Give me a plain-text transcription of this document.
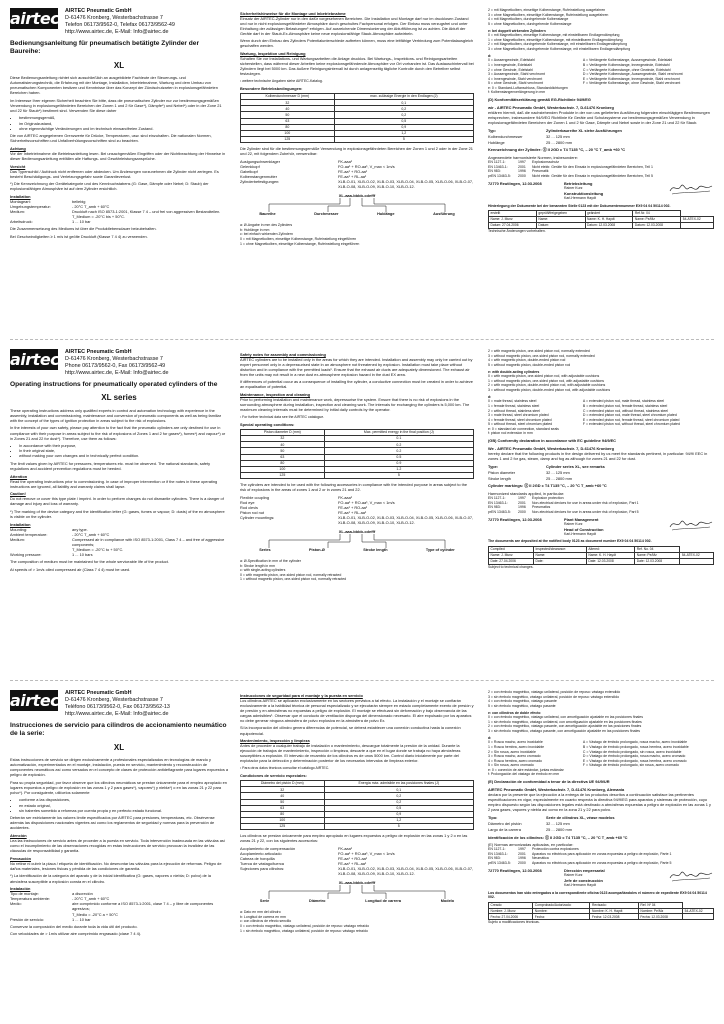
airtec AIRTEC Pneumatic GmbH
D-61476 Kronberg, Westerbachstrasse 7
Telefon 06173/9562-0, Telefax 06173/9562-49
http://www.airtec.de, E-Mail: Info@airtec.de
Bedienungsanleitung für pneumatisch betätigte Zylinder der Baureihe:
XL

Diese Bedienungsanleitung richtet sich ausschließlich an ausgebildete Fachleute der Steuerungs- und Automatisierungstechnik, die Erfahrung mit der Montage, Installation, Inbetriebnahme, Wartung und dem Umbau von pneumatischen Komponenten besitzen und Kenntnisse über das Konzept der Zündschutzarten in explosionsgefährdeten Bereichen haben.

Im Interesse Ihrer eigenen Sicherheit beachten Sie bitte, dass die pneumatischen Zylinder nur zur bestimmungsgemäßen Verwendung in explosionsgefährdeten Bereichen der Zonen 1 und 2 für Gase*), Dämpfe*) und Nebel*) oder in der Zone 21 und 22 für Staub*) bestimmt sind. Verwenden Sie diese daher

• bestimmungsgemäß,
• im Originalzustand,
• ohne eigenmächtige Veränderungen und im technisch einwandfreien Zustand.

Die von AIRTEC angegebenen Grenzwerte für Drücke, Temperaturen, usw. sind einzuhalten. Die nationalen Normen, Sicherheitsvorschriften und Unfallverhütungsvorschriften sind zu beachten.

Achtung

Vor der Inbetriebnahme die Betriebsanleitung lesen. Bei unsachgemäßen Eingriffen oder der Nichtbeachtung der Hinweise in dieser Bedienungsanleitung entfällen alle Haftungs- und Gewährleistungsansprüche.

Vorsicht

Das Typenschild / Aufdruck nicht entfernen oder abdecken. Um Änderungen vorzunehmen die Zylinder nicht zerlegen. Es besteht Beschädigungs- und Verletzungsgefahr sowie Garantieverlust.

*) Die Kennzeichnung der Gerätekategorie und des Kennbuchstabens (G: Gase, Dämpfe oder Nebel; D: Staub) der explosionsfähigen Atmosphäre ist auf dem Zylinder ersichtlich.

Installation
Montageart:	beliebig
Umgebungstemperatur:	- 20°C T_amb + 60°C
Medium:	Druckluft nach ISO 8573-1:2001, Klasse 7 4 – und frei von aggressiven Bestandteilen.
T_Medium = -20°C bis + 50°C.
Arbeitsdruck:	1 ... 10 bar

Die Zusammensetzung des Mediums ist über die Produktlebensdauer beizubehalten.

Bei Geschwindigkeiten ≥ 1 m/s ist geölte Druckluft (Klasse 7 4 4) zu verwenden.

Sicherheitshinweise für die Montage und Inbetriebnahme

Einsatz der AIRTEC-Zylinder nur in den dafür vorgesehenen Bereichen. Die Installation und Montage darf nur im drucklosen Zustand und nur in nicht explosionsgefährdeter Atmosphäre durch geschultes Fachpersonal erfolgen. Der Einbau muss verzugsfrei und unter Einhaltung der zulässigen Belastungen¹ erfolgen. Auf ausreichende Dimensionierung der Abluftführung ist zu achten. Die Abluft der Geräte darf in der Staub-Ex-Atmosphäre keine neue explosionsfähige Staub-Atmosphäre aufwirbeln.

Wenn durch den Einbau des Zylinders Potentialunterschiede auftreten können, muss eine leitfähige Verbindung zum Potentialausgleich geschaffen werden.

Wartung, Inspektion und Reinigung

Schalten Sie vor Installations- und Wartungsarbeiten die Anlage drucklos. Bei Wartungs-, Inspektions- und Reinigungsarbeiten sicherstellen, dass während dieser Arbeiten keine explosionsgefährdende Atmosphäre vor Ort vorhanden ist. Das Austauschintervall bei Zylindern liegt bei 5000 km. Das äußere Reinigungsintervall ist durch anlagenseitig tägliche Kontrolle durch den Betreiber selbst festzulegen.

¹ weitere technische Angaben siehe AIRTEC-Katalog.

Besondere Betriebsbedingungen:
Kolbendurchmesser D (mm)	max. zulässige Energie in den Endlagen (J)
32	0,1
40	0,2
50	0,2
63	0,5
80	0,9
100	1,2
125	5

Die Zylinder sind für die bestimmungsgemäße Verwendung in explosionsgefährdeten Bereichen der Zonen 1 und 2 oder in der Zone 21 und 22, mit folgendem Zubehör, verwendbar:

Auslgungschwenklager	FK-aaa¹
Gelenkkopf	FO-aa¹ + RO-aa¹, V_max < 1m/s
Gabelkopf	FE-aa¹ + RO-aa¹
Kolbenstangenmutter	FE-aa¹ + RL-aa¹
Zylinderbefestigungen:	XLB-O-01, XLB-O-02, XLB-O-03, XLB-O-04, XLB-O-05, XLB-O-06, XLB-O-07, XLB-O-08, XLB-O-09, XLB-O-10, XLB-O-12.
XL-aaa-bbbb-cdefff
Baureihe	Durchmesser	Hublänge	Ausführung
a: Ø-Angabe in mm des Zylinders
b: Hublänge in mm
c: bei einfach wirkenden Zylindern
0 = mit Magnetkolben, einseitige Kolbenstange, Rufeinstellung eingeführen
1 = ohne Magnetkolben, einseitige Kolbenstange, Rufeinstellung eingeführen
2 = mit Magnetkolben, einseitige Kolbenstange, Rufeinstellung ausgefahren
3 = ohne Magnetkolben, einseitige Kolbenstange, Rufeinstellung ausgefahren
4 = mit Magnetkolben, durchgehende Kolbenstange
5 = ohne Magnetkolben, durchgehende Kolbenstange
e: bei doppelt wirkenden Zylindern
0 = mit Magnetkolben, einseitige Kolbenstange, mit einstellbaren Endlagendämpfung
1 = ohne Magnetkolben, einseitige Kolbenstange, mit einstellbaren Endlagendämpfung
2 = mit Magnetkolben, durchgehende Kolbenstange, mit einstellbaren Endlagendämpfung
3 = ohne Magnetkolben, durchgehende Kolbenstange, mit einstellbaren Endlagendämpfung
d:
0 = Aussengewinde, Edelstahl	A = Verlängerte Kolbenstange, Aussengewinde, Edelstahl
1 = Innengewinde, Edelstahl	B = Verlängerte Kolbenstange, Innengewinde, Edelstahl
2 = ohne Gewinde, Edelstahl	C = Verlängerte Kolbenstange, ohne Gewinde, Edelstahl
3 = Aussengewinde, Stahl verchromt	D = Verlängerte Kolbenstange, Aussengewinde, Stahl verchromt
4 = Innengewinde, Stahl verchromt	E = Verlängerte Kolbenstange, Innengewinde, Stahl verchromt
5 = ohne Gewinde, Stahl verchromt	F = Verlängerte Kolbenstange, ohne Gewinde, Stahl verchromt
e: 0 = Standard-Luftanschluss, Standarddichtungen
f: Kolbenstangenverlängerung in mm
(D) Konformitätserklärung gemäß EG-Richtlinie 94/9/EG
wir - AIRTEC Pneumatic GmbH, Westerbachstr. 7, D-61476 Kronberg

erklären hiermit, daß die nachstehenden Produkte in der von uns gelieferten Ausführung folgenden einschlägigen Bestimmungen entsprechen, insbesondere 94/9/EG Richtlinie für Geräte und Schutzsysteme zur bestimmungsgemäßen Verwendung in explosionsgefährdeten Bereichen der Zonen 1 und 2 für Gase, Dämpfe und Nebel sowie in der Zone 21 und 22 für Staub.

Typ:	Zylinderbaureihe XL siehe Ausführungen
Kolbendurchmesser	32 ... 125 mm
Hublänge	25 ... 2800 mm

Kennzeichnung der Zylinder: Ⓔ II 2GD c T4 T135 °C, – 20 °C T_amb +60 °C

Angewendete harmonisierte Normen, insbesondere:
EN 1127-1:	1997	Explosionsschutz
EN 13463-1:	2001	Nicht elektr. Geräte für den Einsatz in explosionsgefährdeten Bereichen, Teil 1
EN 983:	1996	Pneumatik
prEN 13463-5:	2000	Nicht elektr. Geräte für den Einsatz in explosionsgefährdeten Bereichen, Teil 5
72770 Reutlingen, 12.03.2008	Betriebsleitung
Rainer Kurz
Konstruktionsleitung
Karl-Hermann Haydt
Hinterlegung der Dokumente bei der benannten Stelle 0123 mit der Dokumentennummer EX9 04 04 50114 002.
erstellt	geprüft/freigegeben	geändert	Ref.Nr. 04	
Name: J. Munz	Name:	Name: K. H. Haydt	Name: Pe/Mz	54-ATEX-02
Datum: 27.04.2006	Datum:	Datum: 12.03.2008	Datum: 12.03.2008	
Technische Änderungen vorbehalten.
airtec AIRTEC Pneumatic GmbH
D-61476 Kronberg, Westerbachstrasse 7
Phone 06173/9562-0, Fax 06173/9562-49
http://www.airtec.de, E-Mail: Info@airtec.de
Operating instructions for pneumatically operated cylinders of the
XL series

These operating instructions address only qualified experts in control and automation technology with experience in the assembly, installation and commissioning, maintenance and conversion of pneumatic components as well as being familiar with the concept of the types of ignition protection in areas subject to the risk of explosions.

In the interests of your own safety, please pay attention to the fact that the pneumatic cylinders are only destined for use in compliance with their purpose in areas subject to the risk of explosions of Zones 1 and 2 for gases*), fumes*) and vapour*) or in Zones 21 and 22 for dust*). Therefore, use them as follows:

• In accordance with their purpose,
• In their original state,
• without making your own changes and in technically perfect condition.

The limit values given by AIRTEC for pressures, temperatures etc. must be observed. The national standards, safety regulations and accident prevention regulations must be heeded.

Attention

Read the operating instructions prior to commissioning. In case of improper intervention or if the notes in these operating instructions are ignored, all liability and warranty claims shall lapse.

Caution!

Do not remove or cover this type plate / imprint. In order to perform changes do not dismantle cylinders. There is a danger of damage and injury and loss of warranty.

*) The marking of the device category and the identification letter (G: gases, fumes or vapour; D: dusts) of the ex atmosphere is visible on the cylinder.

Installation
Mounting:	any type.
Ambient temperature:	- 20°C T_amb + 60°C
Medium:	Compressed air in compliance with ISO 8573-1:2001, Class 7 4 – and free of aggressive components;
T_Medium = -20°C to + 50°C.
Working pressure:	1 ... 10 bars

The composition of medium must be maintained for the whole serviceable life of the product.

At speeds of > 1m/s oiled compressed air (Class 7 4 4) must be used.

Safety notes for assembly and commissioning

AIRTEC cylinders are to be installed only in the areas for which they are intended. Installation and assembly may only be carried out by expert personnel only in a depressurised state in an atmosphere not threatened by explosion. Installation must take place without distortion and in compliance with the permitted loads¹. Ensure that the exhaust air ducts are adequately dimensioned. The exhaust air from the units may not result in a new dust ex-atmosphere explosion hazard in the dust EX area.

If differences of potential occur as a consequence of installing the cylinder, a conductive connection must be created in order to achieve an equalisation of potential.

Maintenance, inspection and cleaning

Prior to performing installation and maintenance work, depressurise the system. Ensure that there is no risk of explosions in the surrounding atmosphere during installation, inspection and cleaning work. The intervals for exchanging the cylinders is 5,000 km. The maximum cleaning intervals must be determined by initial daily controls by the operator.

¹ For further technical data see the AIRTEC catalogue.

Special operating conditions:
Piston diameter D (mm)	Max. permitted energy in the final position (J)
32	0.1
40	0.2
50	0.2
63	0.5
80	0.9
100	1.2
125	5

The cylinders are intended to be used with the following accessories in compliance with the intended purpose in areas subject to the risk of explosions in the areas of zones 1 and 2 or in zones 21 and 22.

Flexible coupling	FK-aaa¹
Rod eye	FO-aa¹ + RO-aa¹, V_max < 1m/s
Rod clevis	FE-aa¹ + RO-aa¹
Piston rod nut	FE-aa¹ + RL-aa¹
Cylinder mountings:	XLB-O-01, XLB-O-02, XLB-O-03, XLB-O-04, XLB-O-05, XLB-O-06, XLB-O-07, XLB-O-08, XLB-O-09, XLB-O-10, XLB-O-12.
XL-aaa-bbbb-cdefff
Series	Piston-Ø	Stroke length	Type of cylinder
a: Ø-Specification in mm of the cylinder
b: Stroke length in mm
c: with single-acting cylinders
0 = with magnetic piston, one-sided piston rod, normally retracted
1 = without magnetic piston, one-sided piston rod, normally retracted
2 = with magnetic piston, one-sided piston rod, normally extended
3 = without magnetic piston, one-sided piston rod, normally extended
4 = with magnetic piston, double-ended piston rod
5 = without magnetic piston, double-ended piston rod
e: with double-acting cylinders
0 = with magnetic piston, one-sided piston rod, with adjustable cushions
1 = without magnetic piston, one-sided piston rod, with adjustable cushions
2 = with magnetic piston, double-ended piston rod, with adjustable cushions
3 = without magnetic piston, double-ended piston rod, with adjustable cushions
d:
0 = male thread, stainless steel	A = extended piston rod, male thread, stainless steel
1 = female thread, stainless steel	B = extended piston rod, female thread, stainless steel
2 = without thread, stainless steel	C = extended piston rod, without thread, stainless steel
3 = male thread, steel chromium plated	D = extended piston rod, male thread, steel chromium plated
4 = female thread, steel chromium plated	E = extended piston rod, female thread, steel chromium plated
5 = without thread, steel chromium plated	F = extended piston rod, without thread, steel chromium plated
e: 0 = standard air connection, standard seals
f: piston rod extension in mm
(GB) Conformity declaration in accordance with EC guideline 94/9/EC
We - AIRTEC Pneumatic GmbH, Westerbachstr. 7, D-61476 Kronberg

hereby declare that the following products in the design delivered by us meet the standards pertinent, in particular: 94/9/ EEC in zones 1 and 2 for gas, steam, damp and fog as although for zones 21 and 22 for dust.

Type:	Cylinder series XL, see remarks
Piston diameter	32 ... 125 mm
Stroke length	25 ... 2800 mm

Cylinder markings: Ⓔ II 2GD c T4 T135 °C, – 20 °C T_amb +60 °C

Harmonized standards applied, in particular:
EN 1127-1:	1997	Explosion protection
EN 13463-1:	2001	Non-electrical devices for use in areas under risk of explosion, Part 1
EN 983:	1996	Pneumatics
prEN 13463-5:	2000	Non-electrical devices for use in areas under risk of explosion, Part 5
72770 Reutlingen, 12.03.2008	Plant Management
Rainer Kurz
Head of Construction
Karl-Hermann Haydt
The documents are deposited at the notified body 0123 as document number EX9 04 04 50114 002.
Compiled:	Inspected/clearance:	Altered:	Ref. No. 04	
Name: J. Munz	Name:	Name: K. H. Haydt	Name: Pe/Mz	54-ATEX-02
Date: 27.04.2006	Date:	Date: 12.03.2008	Date: 12.03.2008	
Subject to technical changes.
airtec AIRTEC Pneumatic GmbH
D-61476 Kronberg, Westerbachstrasse 7
Teléfono 06173/9562-0, Fax 06173/9562-13
http://www.airtec.de, E-Mail: Info@airtec.de
Instrucciones de servicio para cilindros de accionamiento neumático de la serie:
XL

Estas instrucciones de servicio se dirigen exclusivamente a profesionales especializados en tecnologías de mando y automatización, experimentados en el montaje, instalación, puesta en servicio, mantenimiento y reconstrucción de componentes neumáticos así como versados en el concepto de clases de protección antideflagrante para lugares expuestos a peligro de explosión.

Para su propia seguridad, por favor observe que los cilindros neumáticos se prestan únicamente para el empleo apropiado en lugares expuestos a peligro de explosión en las zonas 1 y 2 para gases*), vapores*) y niebla*) o en las zonas 21 y 22 para polvo*). Por consiguiente, utilícelos solamente

• conforme a las disposiciones,
• en estado original,
• sin haberles sometido a reformas por cuenta propia y en perfecto estado funcional.

Deberán ser estrictamente los valores límite especificados por AIRTEC para presiones, temperaturas, etc. Obsérvense además las disposiciones nacionales vigentes así como los reglamentos de seguridad y normas para la prevención de accidentes.

Atención

Lea las instrucciones de servicio antes de proceder a la puesta en servicio. Toda intervención inadecuada en las válvulas así como el incumplimiento de las observaciones recogidas en estas instrucciones de servicio provocan la invalidez de las cláusulas de responsabilidad y garantía.

Precaución

No retirar ni cubrir la placa / etiqueta de identificación. No desmontar las válvulas para la ejecución de reformas. Peligro de daños materiales, lesiones físicas y pérdida de las condiciones de garantía.

*) La identificación de la categoría del aparato y de la inicial identificativa (G: gases, vapores o niebla; D: polvo) de la atmósfera susceptible a explosión consta en el cilindro.

Instalación
Tipo de montaje:	a discreción
Temperatura ambiente:	- 20°C T_amb + 60°C
Medio:	aire comprimido conforme a ISO 8573-1:2001, clase 7 4 – y libre de componentes agresivos;
T_Medio = -20°C a + 50°C
Presión de servicio:	1 ... 10 bar

Conservar la composición del medio durante toda la vida útil del producto.

Con velocidades de > 1m/s utilizar aire comprimido engrasado (clase 7 4 4).

Instrucciones de seguridad para el montaje y la puesta en servicio

Los cilindros AIRTEC se aplicarán exclusivamente en los sectores previstos a tal efecto. La instalación y el montaje se confiarán exclusivamente a la habilidad técnica de personal especializado y se ejecutarán siempre en estado completamente exento de presión y de presión y en atmósferas no expuestas a peligro de explosión. El montaje se efectuará sin deformación y bajo observancia de las cargas admisibles¹. Observar que el conducto de ventilación disponga del dimensionado necesario. El aire expulsado por los aparatos no debe generar ninguna atmósfera de polvo explosiva en la atmósfera de polvo Ex.

Si la incorporación del cilindro genera diferencias de potencial, se deberá establecer una conexión conductiva hasta la conexión equipotencial.

Mantenimiento, inspección y limpieza

Antes de proceder a cualquier trabajo de instalación o mantenimiento, descargue totalmente la presión de la unidad. Durante la ejecución de trabajos de mantenimiento, inspección o limpieza, descarte a que en el lugar donde se trabaja no haya atmósferas susceptibles a explosión. El intervalo de recambio de los cilindros es de unos 5000 km. Control diario inicialmente por parte del explotador para la detección y determinación posterior de los necesarios intervalos de limpieza exterior.

¹ Para otros datos técnicos consultar el catálogo AIRTEC.

Condiciones de servicio especiales:
Diámetro del pistón D (mm)	Energía máx. admisible en las posiciones finales (J)
32	0,1
40	0,2
50	0,2
63	0,5
80	0,9
100	1,2
125	5

Los cilindros se prestan únicamente para empleo apropiado en lugares expuestos a peligro de explosión en las zonas 1 y 2 o en las zonas 21 y 22, con los siguientes accesorios:

Acoplamiento de compensación	FK-aaa¹
Acoplamiento articulado	FO-aa¹ + RO-aa¹, V_max < 1m/s
Cabeza de horquilla	FE-aa¹ + RO-aa¹
Tuerca de vástago/tuerca	FE-aa¹ + RL-aa¹
Sujeciones para cilindros:	XLB-O-01, XLB-O-02, XLB-O-03, XLB-O-04, XLB-O-05, XLB-O-06, XLB-O-07, XLB-O-08, XLB-O-09, XLB-O-10, XLB-O-12.
XL-aaa-bbbb-cdefff
Serie	Diámetro	Longitud de carrera	Modelo
a: Dato en mm del cilindro
b: Longitud de carrera en mm
c: con cilindros de efecto sencillo
0 = con émbolo magnético, vástago unilateral, posición de reposo: vástago retraído
1 = sin émbolo magnético, vástago unilateral, posición de reposo: vástago retraído
2 = con émbolo magnético, vástago unilateral, posición de reposo: vástago extendido
3 = sin émbolo magnético, vástago unilateral, posición de reposo: vástago extendido
4 = con émbolo magnético, vástago pasante
5 = sin émbolo magnético, vástago pasante
e: con cilindros de doble efecto
0 = con émbolo magnético, vástago unilateral, con amortiguación ajustable en las posiciones finales
1 = sin émbolo magnético, vástago unilateral, con amortiguación ajustable en las posiciones finales
2 = con émbolo magnético, vástago pasante, con amortiguación ajustable en las posiciones finales
3 = sin émbolo magnético, vástago pasante, con amortiguación ajustable en las posiciones finales
d:
0 = Rosca macho, acero inoxidable	A = Vástago de émbolo prolongado, rosca macho, acero inoxidable
1 = Rosca hembra, acero inoxidable	B = Vástago de émbolo prolongado, rosca hembra, acero inoxidable
2 = Sin rosca, acero inoxidable	C = Vástago de émbolo prolongado, sin rosca, acero inoxidable
3 = Rosca macho, acero cromado	D = Vástago de émbolo prolongado, rosca macho, acero cromado
4 = Rosca hembra, acero cromado	E = Vástago de émbolo prolongado, rosca hembra, acero cromado
5 = Sin rosca, acero cromado	F = Vástago de émbolo prolongado, sin rosca, acero cromado
e: 0 = conexión de aire estándar, juntas estándar
f: Prolongación del vástago de émbolo en mm
(E) Declaración de conformidad a tenor de la directiva UE 94/9/UR
AIRTEC Pneumatic GmbH, Westerbachstr. 7, D-61476 Kronberg, Alemania

declara por la presente que la ejecución a la entrega de los productos descritos a continuación satisface las pertinentes especificaciones en vigor, especialmente en cuanto respecta la directiva 94/9/EG para aparatos y sistemas de protección, cuyo empleo dispuesto según las disposiciones legales está destinado a atmósferas expuestas a peligro de explosión en las zonas 1 y 2 para gases, vapores y niebla así como en la zona 21 y 22 para polvo.

Tipo:	Serie de cilindros XL, véase modelos
Diámetro del pistón	32 ... 125 mm
Largo de la carrera	25 ... 2800 mm

Identificación de los cilindros: Ⓔ II 2GD c T4 T135 °C, – 20 °C T_amb +60 °C

(E) Normas armonizadas aplicadas, en particular:
EN 1127-1:	1997	Protección contra explosiones
EN 13463-1:	2001	Aparatos no eléctricos para aplicación en zonas expuestas a peligro de explosión, Parte 1
EN 983:	1996	Neumática
prEN 13463-5:	2000	Aparatos no eléctricos para aplicación en zonas expuestas a peligro de explosión, Parte 5
72770 Reutlingen, 12.03.2008	Dirección empresarial
Rainer Kurz
Jefe de construcción
Karl-Hermann Haydt
Los documentos han sido entregados a la correspondiente oficina 0123 acompañándoles el número de expediente EX9 04 04 50114 002.
Creado:	Comprobado/Autorizado:	Revisado:	Ref. Nº 04	
Nombre: J. Munz	Nombre:	Nombre: K. H. Haydt	Nombre: Pe/Mz	54-ATEX-02
Fecha: 27.04.2006	Fecha:	Fecha: 12.03.2008	Fecha: 12.03.2008	
Sujeto a modificaciones técnicas.
